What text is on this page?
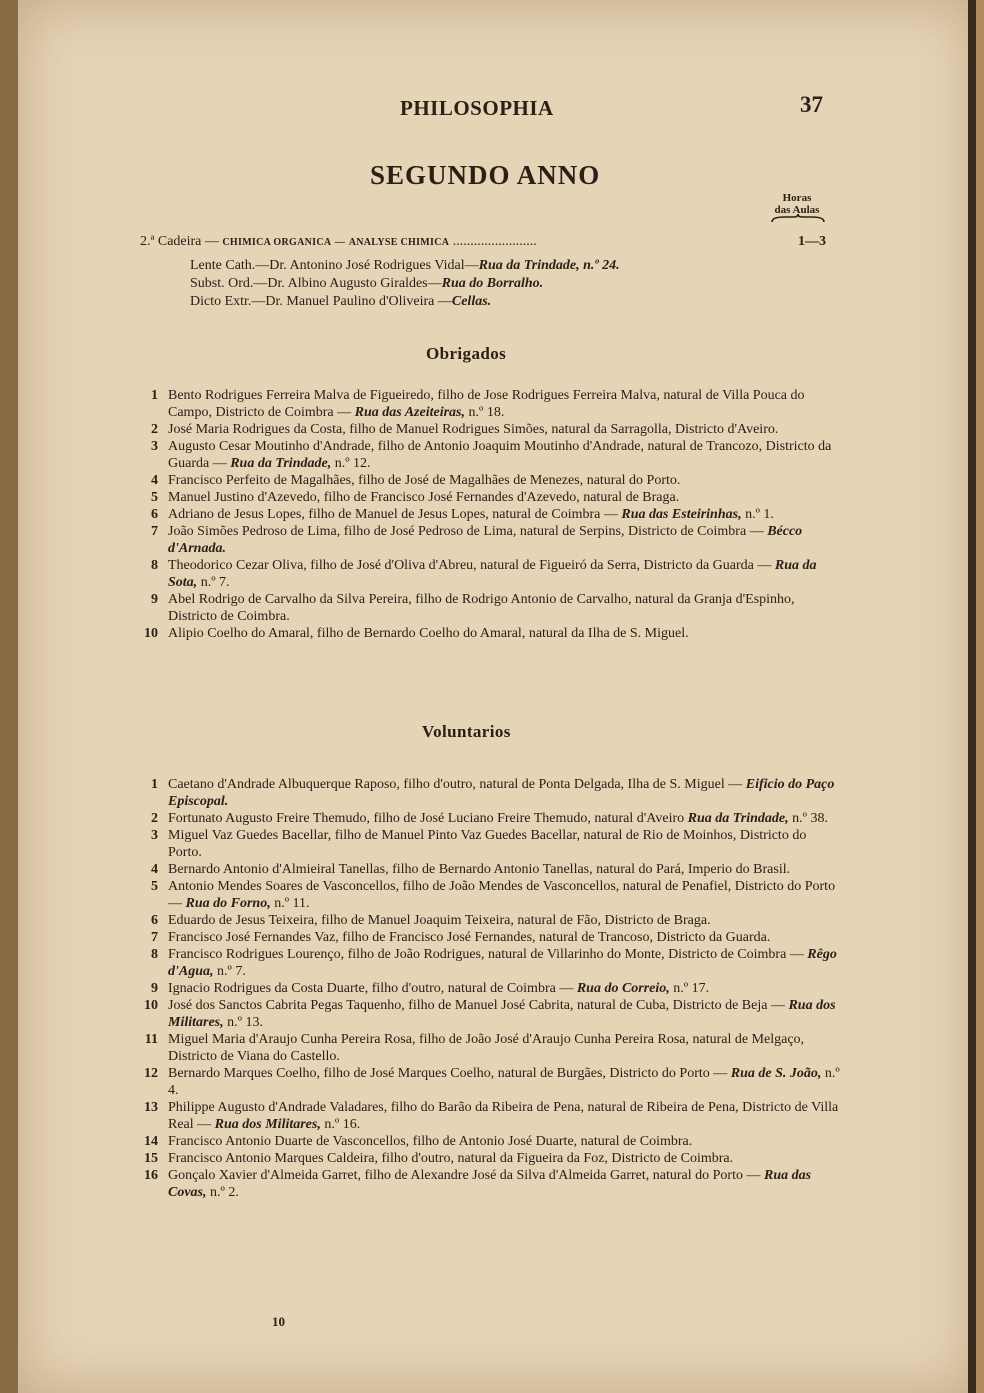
PHILOSOPHIA	37
SEGUNDO ANNO
Horas
das Aulas
2.ª Cadeira — CHIMICA ORGANICA — ANALYSE CHIMICA ........................	1—3
Lente Cath.—Dr. Antonino José Rodrigues Vidal—Rua da Trindade, n.º 24.
Subst. Ord.—Dr. Albino Augusto Giraldes—Rua do Borralho.
Dicto Extr.—Dr. Manuel Paulino d'Oliveira —Cellas.
Obrigados

1 Bento Rodrigues Ferreira Malva de Figueiredo, filho de Jose Rodrigues Ferreira Malva, natural de Villa Pouca do Campo, Districto de Coimbra — Rua das Azeiteiras, n.º 18.

2 José Maria Rodrigues da Costa, filho de Manuel Rodrigues Simões, natural da Sarragolla, Districto d'Aveiro.

3 Augusto Cesar Moutinho d'Andrade, filho de Antonio Joaquim Moutinho d'Andrade, natural de Trancozo, Districto da Guarda — Rua da Trindade, n.º 12.

4 Francisco Perfeito de Magalhães, filho de José de Magalhães de Menezes, natural do Porto.

5 Manuel Justino d'Azevedo, filho de Francisco José Fernandes d'Azevedo, natural de Braga.

6 Adriano de Jesus Lopes, filho de Manuel de Jesus Lopes, natural de Coimbra — Rua das Esteirinhas, n.º 1.

7 João Simões Pedroso de Lima, filho de José Pedroso de Lima, natural de Serpins, Districto de Coimbra — Bécco d'Arnada.

8 Theodorico Cezar Oliva, filho de José d'Oliva d'Abreu, natural de Figueiró da Serra, Districto da Guarda — Rua da Sota, n.º 7.

9 Abel Rodrigo de Carvalho da Silva Pereira, filho de Rodrigo Antonio de Carvalho, natural da Granja d'Espinho, Districto de Coimbra.

10 Alipio Coelho do Amaral, filho de Bernardo Coelho do Amaral, natural da Ilha de S. Miguel.

Voluntarios

1 Caetano d'Andrade Albuquerque Raposo, filho d'outro, natural de Ponta Delgada, Ilha de S. Miguel — Eificio do Paço Episcopal.

2 Fortunato Augusto Freire Themudo, filho de José Luciano Freire Themudo, natural d'Aveiro Rua da Trindade, n.º 38.

3 Miguel Vaz Guedes Bacellar, filho de Manuel Pinto Vaz Guedes Bacellar, natural de Rio de Moinhos, Districto do Porto.

4 Bernardo Antonio d'Almieiral Tanellas, filho de Bernardo Antonio Tanellas, natural do Pará, Imperio do Brasil.

5 Antonio Mendes Soares de Vasconcellos, filho de João Mendes de Vasconcellos, natural de Penafiel, Districto do Porto — Rua do Forno, n.º 11.

6 Eduardo de Jesus Teixeira, filho de Manuel Joaquim Teixeira, natural de Fão, Districto de Braga.

7 Francisco José Fernandes Vaz, filho de Francisco José Fernandes, natural de Trancoso, Districto da Guarda.

8 Francisco Rodrigues Lourenço, filho de João Rodrigues, natural de Villarinho do Monte, Districto de Coimbra — Rêgo d'Agua, n.º 7.

9 Ignacio Rodrigues da Costa Duarte, filho d'outro, natural de Coimbra — Rua do Correio, n.º 17.

10 José dos Sanctos Cabrita Pegas Taquenho, filho de Manuel José Cabrita, natural de Cuba, Districto de Beja — Rua dos Militares, n.º 13.

11 Miguel Maria d'Araujo Cunha Pereira Rosa, filho de João José d'Araujo Cunha Pereira Rosa, natural de Melgaço, Districto de Viana do Castello.

12 Bernardo Marques Coelho, filho de José Marques Coelho, natural de Burgães, Districto do Porto — Rua de S. João, n.º 4.

13 Philippe Augusto d'Andrade Valadares, filho do Barão da Ribeira de Pena, natural de Ribeira de Pena, Districto de Villa Real — Rua dos Militares, n.º 16.

14 Francisco Antonio Duarte de Vasconcellos, filho de Antonio José Duarte, natural de Coimbra.

15 Francisco Antonio Marques Caldeira, filho d'outro, natural da Figueira da Foz, Districto de Coimbra.

16 Gonçalo Xavier d'Almeida Garret, filho de Alexandre José da Silva d'Almeida Garret, natural do Porto — Rua das Covas, n.º 2.

10
